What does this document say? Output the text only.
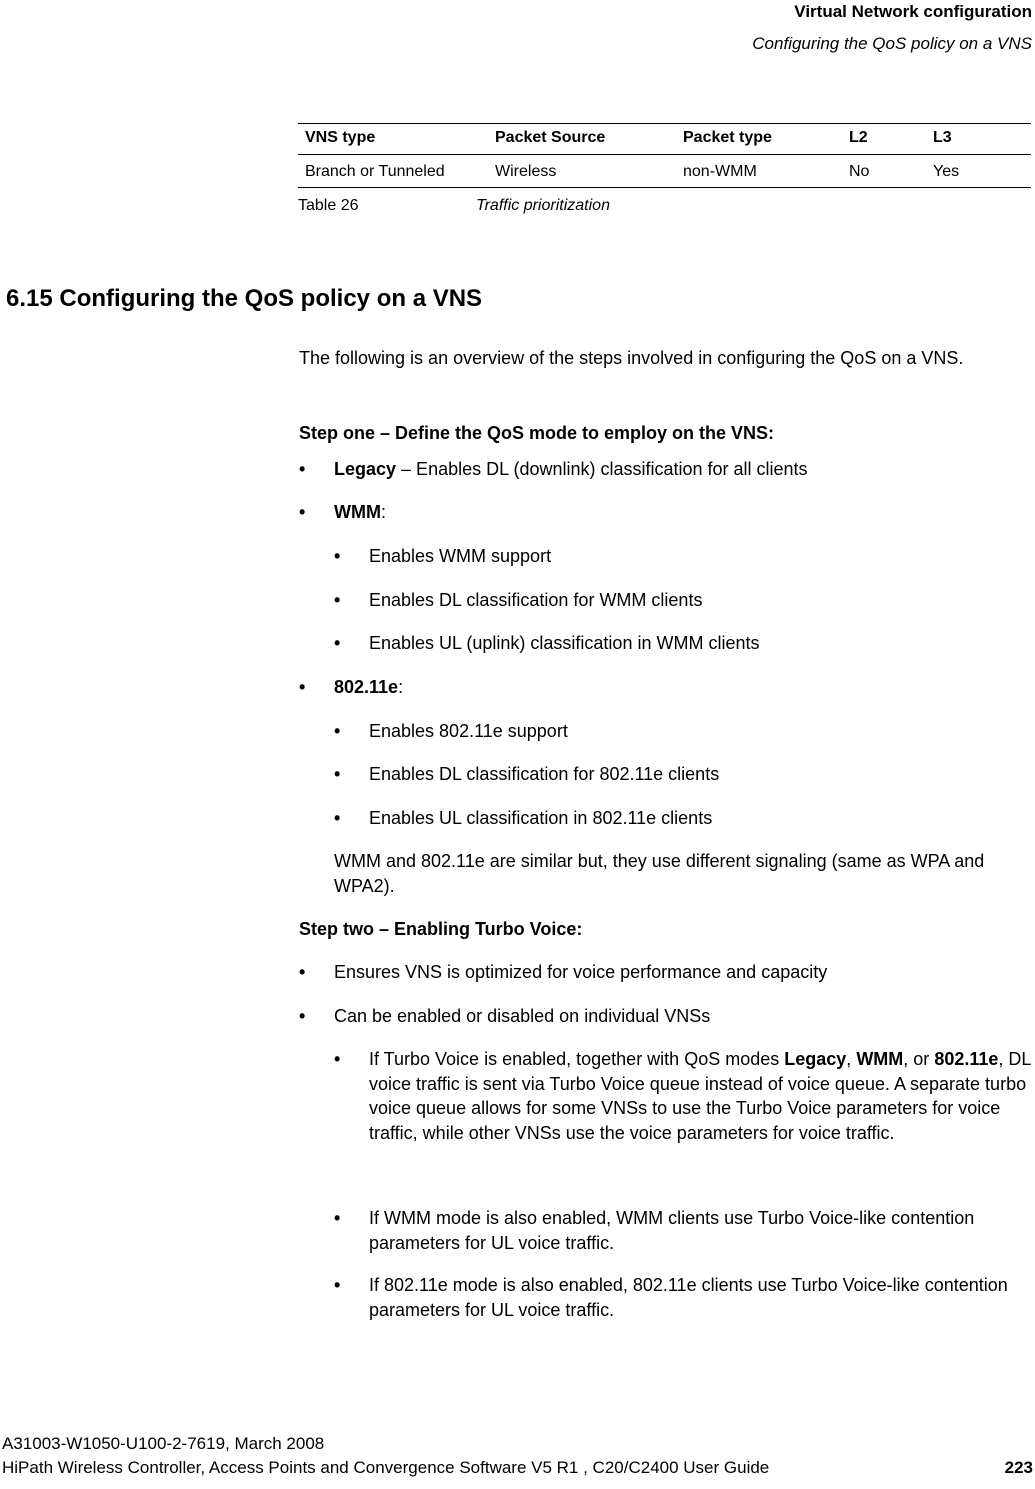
Virtual Network configuration
Configuring the QoS policy on a VNS
VNS type	Packet Source	Packet type	L2	L3
Branch or Tunneled	Wireless	non-WMM	No	Yes
Table 26	Traffic prioritization
6.15 Configuring the QoS policy on a VNS
The following is an overview of the steps involved in configuring the QoS on a VNS.
Step one – Define the QoS mode to employ on the VNS:
• Legacy – Enables DL (downlink) classification for all clients
• WMM:
• Enables WMM support
• Enables DL classification for WMM clients
• Enables UL (uplink) classification in WMM clients
• 802.11e:
• Enables 802.11e support
• Enables DL classification for 802.11e clients
• Enables UL classification in 802.11e clients
WMM and 802.11e are similar but, they use different signaling (same as WPA and WPA2).
Step two – Enabling Turbo Voice:
• Ensures VNS is optimized for voice performance and capacity
• Can be enabled or disabled on individual VNSs
• If Turbo Voice is enabled, together with QoS modes Legacy, WMM, or 802.11e, DL voice traffic is sent via Turbo Voice queue instead of voice queue. A separate turbo voice queue allows for some VNSs to use the Turbo Voice parameters for voice traffic, while other VNSs use the voice parameters for voice traffic.
• If WMM mode is also enabled, WMM clients use Turbo Voice-like contention parameters for UL voice traffic.
• If 802.11e mode is also enabled, 802.11e clients use Turbo Voice-like contention parameters for UL voice traffic.
A31003-W1050-U100-2-7619, March 2008
HiPath Wireless Controller, Access Points and Convergence Software V5 R1 , C20/C2400 User Guide	223
